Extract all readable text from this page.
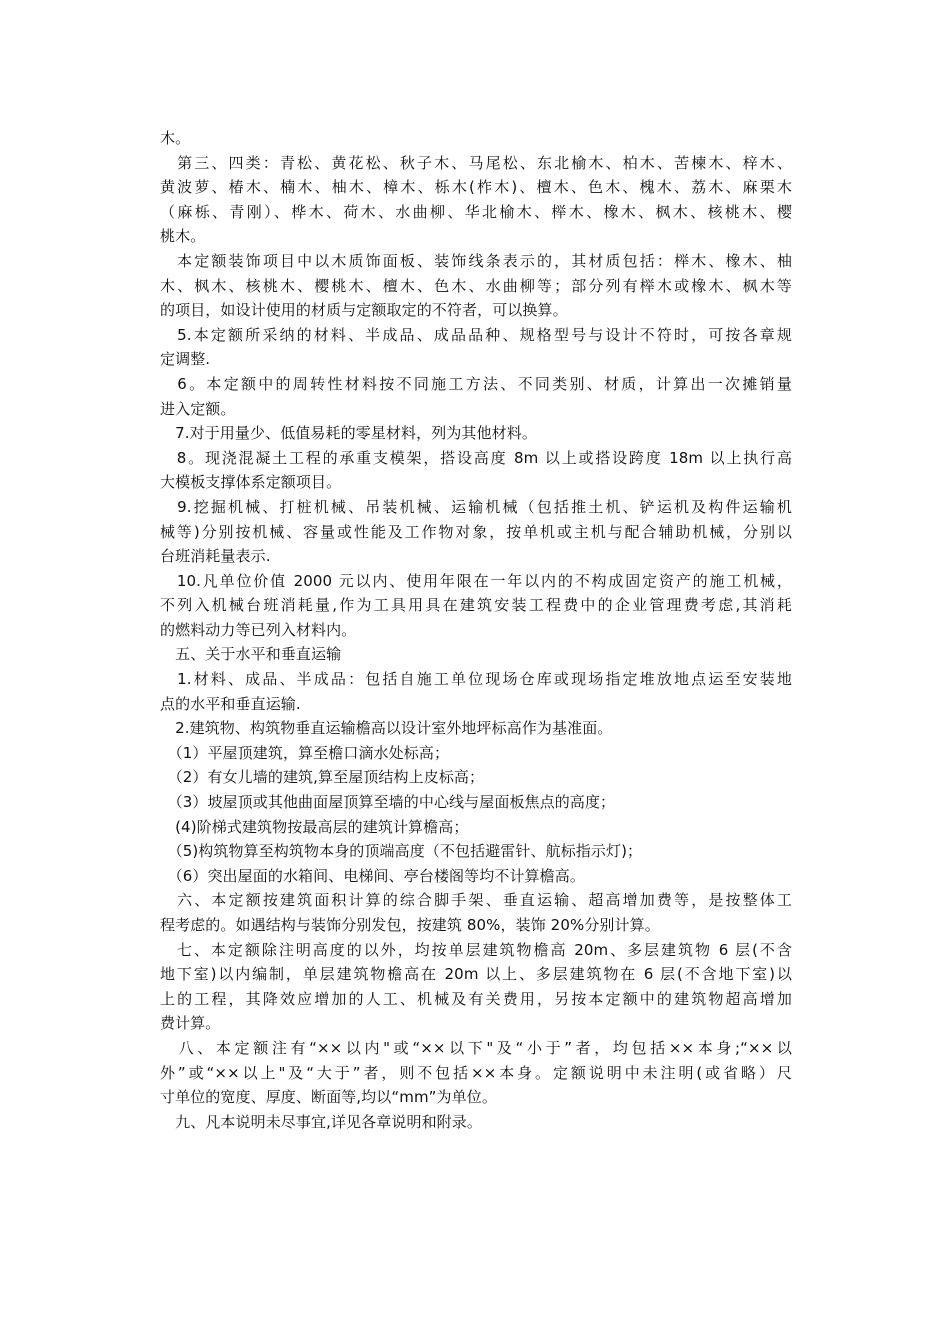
木。
　第三、四类：青松、黄花松、秋子木、马尾松、东北榆木、柏木、苦楝木、梓木、
黄波萝、椿木、楠木、柚木、樟木、栎木(柞木)、檀木、色木、槐木、荔木、麻栗木
（麻栎、青刚）、桦木、荷木、水曲柳、华北榆木、榉木、橡木、枫木、核桃木、樱
桃木。
　本定额装饰项目中以木质饰面板、装饰线条表示的，其材质包括：榉木、橡木、柚
木、枫木、核桃木、樱桃木、檀木、色木、水曲柳等；部分列有榉木或橡木、枫木等
的项目，如设计使用的材质与定额取定的不符者，可以换算。
　5.本定额所采纳的材料、半成品、成品品种、规格型号与设计不符时，可按各章规
定调整.
　6。本定额中的周转性材料按不同施工方法、不同类别、材质，计算出一次摊销量
进入定额。
　7.对于用量少、低值易耗的零星材料，列为其他材料。
　8。现浇混凝土工程的承重支模架，搭设高度 8m 以上或搭设跨度 18m 以上执行高
大模板支撑体系定额项目。
　9.挖掘机械、打桩机械、吊装机械、运输机械（包括推土机、铲运机及构件运输机
械等)分别按机械、容量或性能及工作物对象，按单机或主机与配合辅助机械，分别以
台班消耗量表示.
　10.凡单位价值 2000 元以内、使用年限在一年以内的不构成固定资产的施工机械，
不列入机械台班消耗量,作为工具用具在建筑安装工程费中的企业管理费考虑,其消耗
的燃料动力等已列入材料内。
　五、关于水平和垂直运输
　1.材料、成品、半成品：包括自施工单位现场仓库或现场指定堆放地点运至安装地
点的水平和垂直运输.
　2.建筑物、构筑物垂直运输檐高以设计室外地坪标高作为基准面。
　（1）平屋顶建筑，算至檐口滴水处标高；
　（2）有女儿墙的建筑,算至屋顶结构上皮标高；
　（3）坡屋顶或其他曲面屋顶算至墙的中心线与屋面板焦点的高度；
　(4)阶梯式建筑物按最高层的建筑计算檐高；
　（5)构筑物算至构筑物本身的顶端高度（不包括避雷针、航标指示灯)；
　（6）突出屋面的水箱间、电梯间、亭台楼阁等均不计算檐高。
　六、本定额按建筑面积计算的综合脚手架、垂直运输、超高增加费等，是按整体工
程考虑的。如遇结构与装饰分别发包，按建筑 80%，装饰 20%分别计算。
　七、本定额除注明高度的以外，均按单层建筑物檐高 20m、多层建筑物 6 层(不含
地下室)以内编制，单层建筑物檐高在 20m 以上、多层建筑物在 6 层(不含地下室)以
上的工程，其降效应增加的人工、机械及有关费用，另按本定额中的建筑物超高增加
费计算。
　八、本定额注有“××以内"或“××以下"及“小于”者，均包括××本身;“××以
外”或“××以上"及“大于”者，则不包括××本身。定额说明中未注明(或省略）尺
寸单位的宽度、厚度、断面等,均以“mm”为单位。
　九、凡本说明未尽事宜,详见各章说明和附录。
